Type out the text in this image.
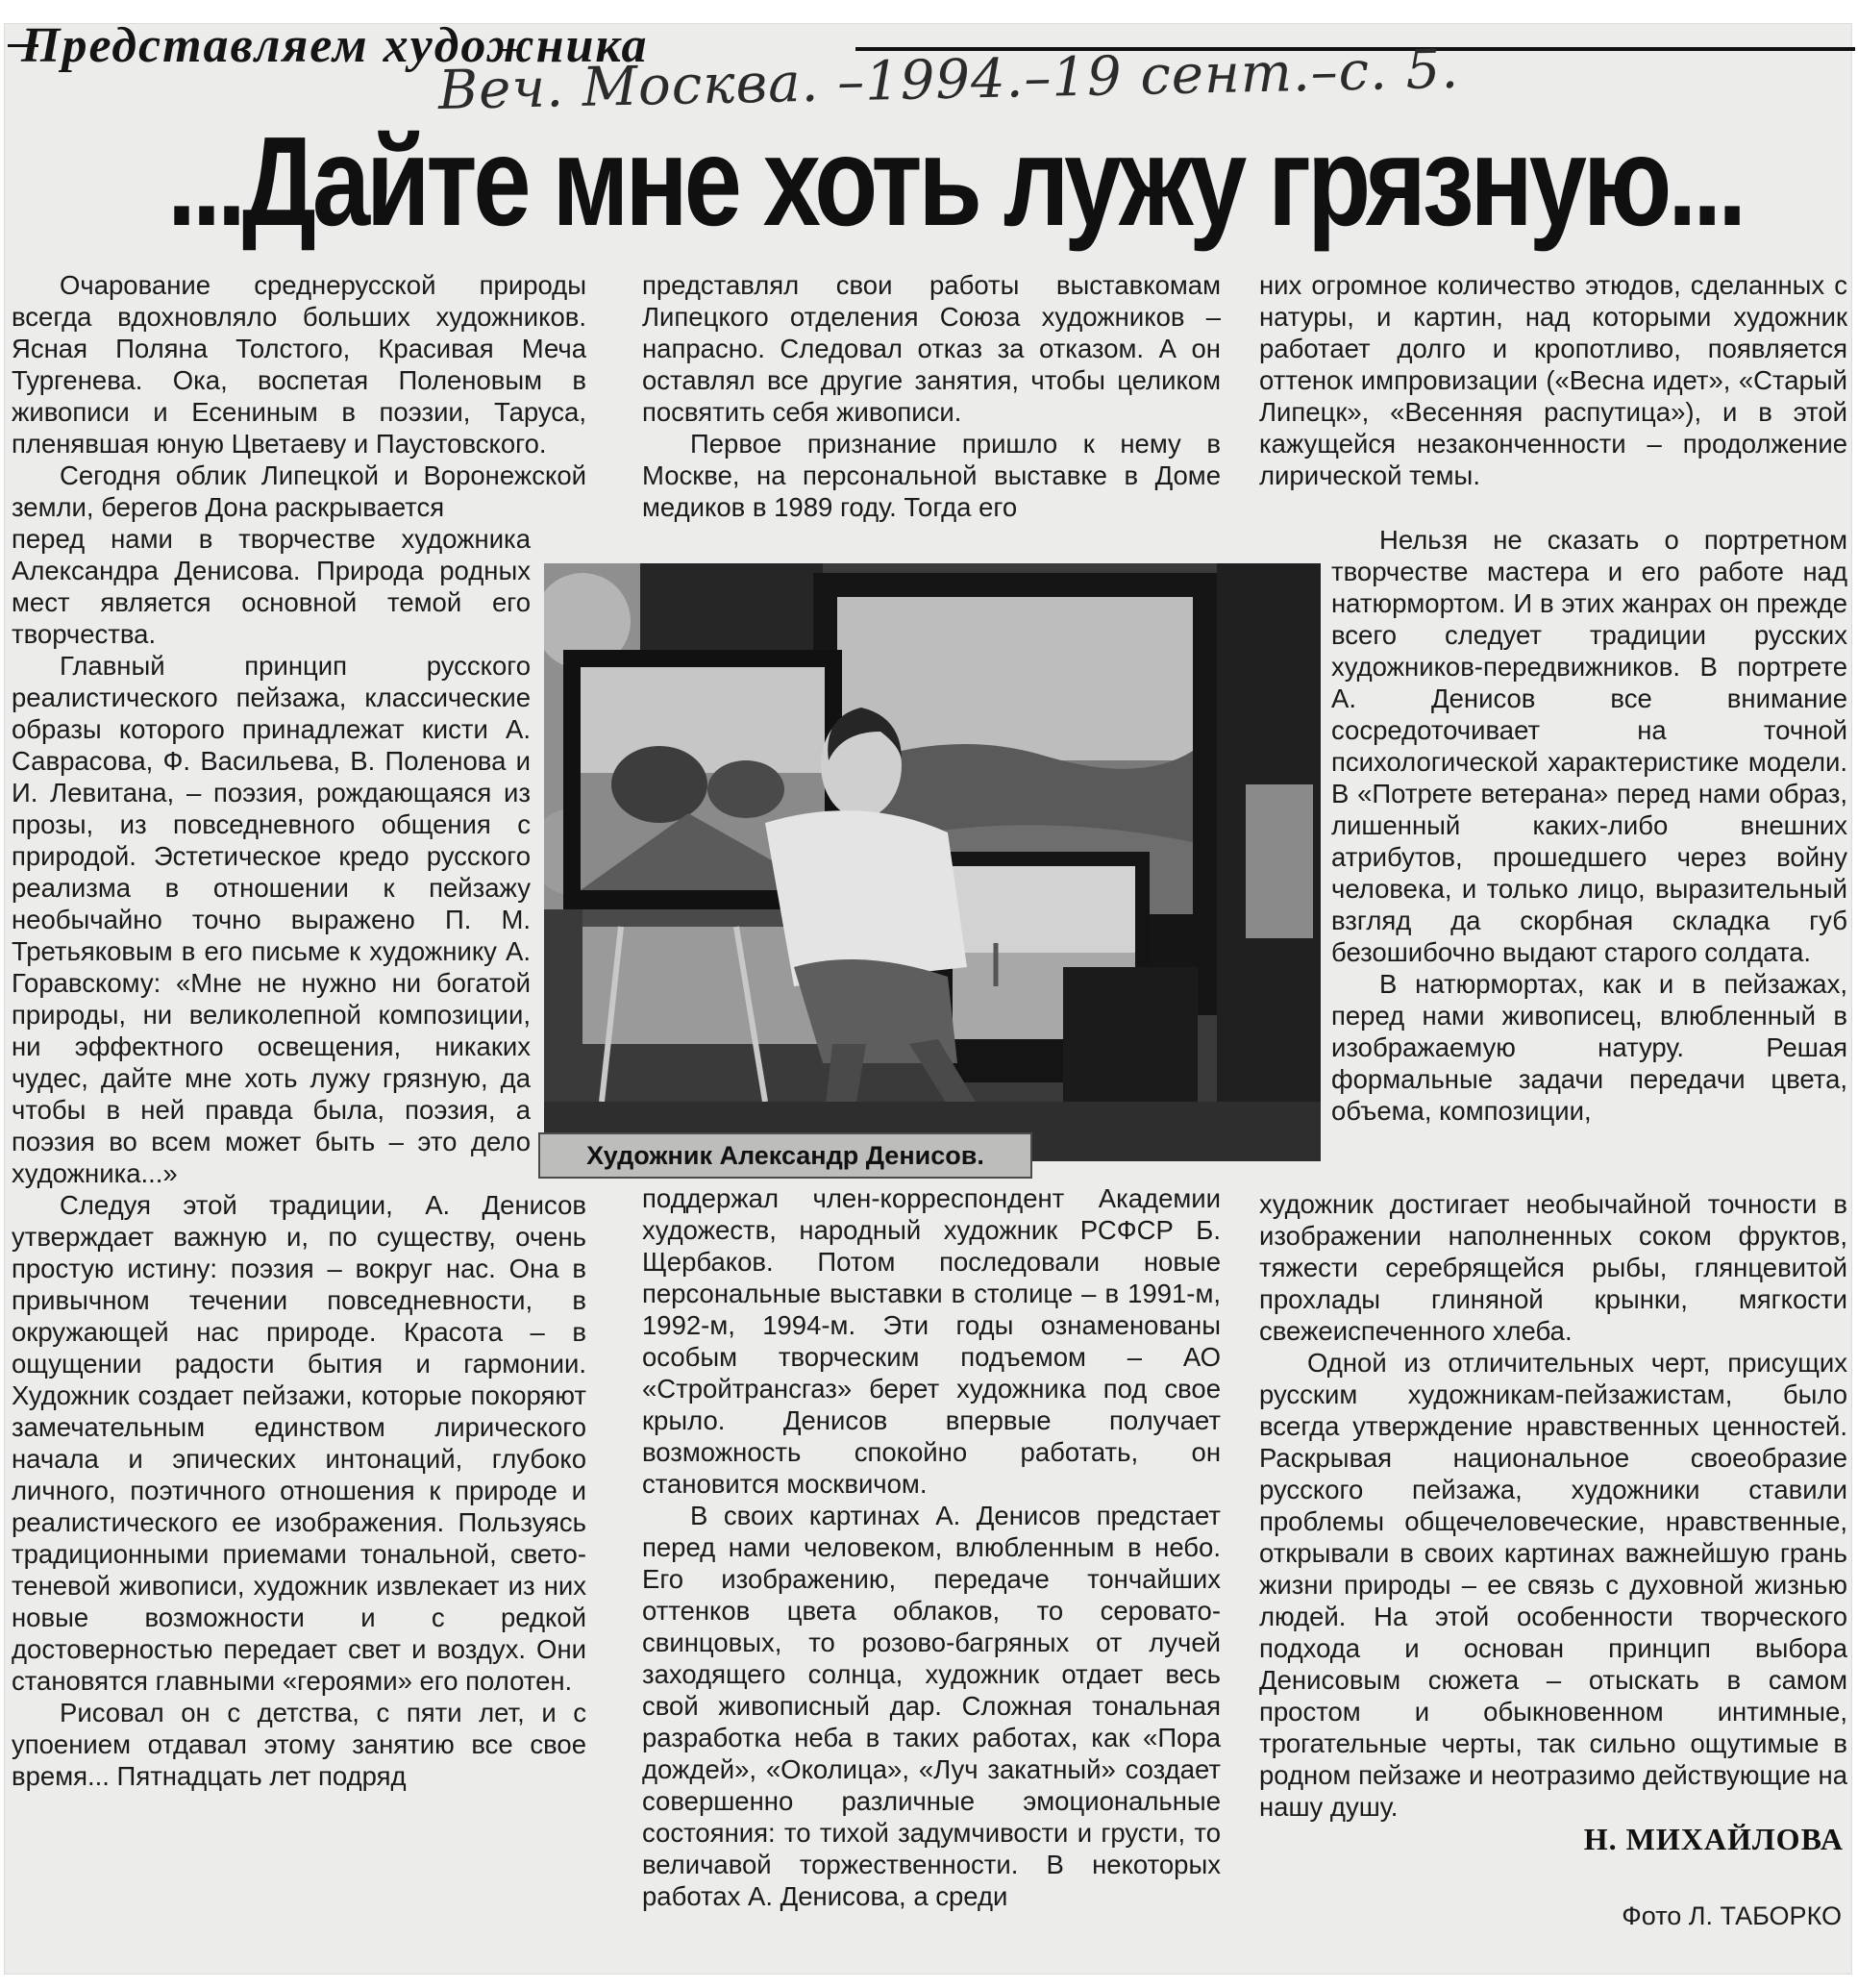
Представляем художника
Веч. Москва. –1994.–19 сент.–с. 5.
...Дайте мне хоть лужу грязную...

Очарование среднерусской природы всегда вдохновляло больших художников. Ясная Поляна Толстого, Красивая Меча Тургенева. Ока, воспетая Поленовым в живописи и Есениным в поэзии, Таруса, пленявшая юную Цветаеву и Паустовского.

Сегодня облик Липецкой и Воронежской земли, берегов Дона раскрывается

перед нами в творчестве художника Александра Денисова. Природа родных мест является основной темой его творчества.

Главный принцип русского реалистического пейзажа, классические образы которого принадлежат кисти А. Саврасова, Ф. Васильева, В. Поленова и И. Левитана, – поэзия, рождающаяся из прозы, из повседневного общения с природой. Эстетическое кредо русского реализма в отношении к пейзажу необычайно точно выражено П. М. Третьяковым в его письме к художнику А. Горавскому: «Мне не нужно ни богатой природы, ни великолепной композиции, ни эффектного освещения, никаких чудес, дайте мне хоть лужу грязную, да чтобы в ней правда была, поэзия, а поэзия во всем может быть – это дело художника...»

Следуя этой традиции, А. Денисов утверждает важную и, по существу, очень простую истину: поэзия – вокруг нас. Она в привычном течении повседневности, в окружающей нас природе. Красота – в ощущении радости бытия и гармонии. Художник создает пейзажи, которые покоряют замечательным единством лирического начала и эпических интонаций, глубоко личного, поэтичного отношения к природе и реалистического ее изображения. Пользуясь традиционными приемами тональной, свето-теневой живописи, художник извлекает из них новые возможности и с редкой достоверностью передает свет и воздух. Они становятся главными «героями» его полотен.

Рисовал он с детства, с пяти лет, и с упоением отдавал этому занятию все свое время... Пятнадцать лет подряд

представлял свои работы выставкомам Липецкого отделения Союза художников – напрасно. Следовал отказ за отказом. А он оставлял все другие занятия, чтобы целиком посвятить себя живописи.

Первое признание пришло к нему в Москве, на персональной выставке в Доме медиков в 1989 году. Тогда его

Художник Александр Денисов.

поддержал член-корреспондент Академии художеств, народный художник РСФСР Б. Щербаков. Потом последовали новые персональные выставки в столице – в 1991-м, 1992-м, 1994-м. Эти годы ознаменованы особым творческим подъемом – АО «Стройтрансгаз» берет художника под свое крыло. Денисов впервые получает возможность спокойно работать, он становится москвичом.

В своих картинах А. Денисов предстает перед нами человеком, влюбленным в небо. Его изображению, передаче тончайших оттенков цвета облаков, то серовато-свинцовых, то розово-багряных от лучей заходящего солнца, художник отдает весь свой живописный дар. Сложная тональная разработка неба в таких работах, как «Пора дождей», «Околица», «Луч закатный» создает совершенно различные эмоциональные состояния: то тихой задумчивости и грусти, то величавой торжественности. В некоторых работах А. Денисова, а среди

них огромное количество этюдов, сделанных с натуры, и картин, над которыми художник работает долго и кропотливо, появляется оттенок импровизации («Весна идет», «Старый Липецк», «Весенняя распутица»), и в этой кажущейся незаконченности – продолжение лирической темы.

Нельзя не сказать о портретном творчестве мастера и его работе над натюрмортом. И в этих жанрах он прежде всего следует традиции русских художников-передвижников. В портрете А. Денисов все внимание сосредоточивает на точной психологической характеристике модели. В «Потрете ветерана» перед нами образ, лишенный каких-либо внешних атрибутов, прошедшего через войну человека, и только лицо, выразительный взгляд да скорбная складка губ безошибочно выдают старого солдата.

В натюрмортах, как и в пейзажах, перед нами живописец, влюбленный в изображаемую натуру. Решая формальные задачи передачи цвета, объема, композиции,

художник достигает необычайной точности в изображении наполненных соком фруктов, тяжести серебрящейся рыбы, глянцевитой прохлады глиняной крынки, мягкости свежеиспеченного хлеба.

Одной из отличительных черт, присущих русским художникам-пейзажистам, было всегда утверждение нравственных ценностей. Раскрывая национальное своеобразие русского пейзажа, художники ставили проблемы общечеловеческие, нравственные, открывали в своих картинах важнейшую грань жизни природы – ее связь с духовной жизнью людей. На этой особенности творческого подхода и основан принцип выбора Денисовым сюжета – отыскать в самом простом и обыкновенном интимные, трогательные черты, так сильно ощутимые в родном пейзаже и неотразимо действующие на нашу душу.

Н. МИХАЙЛОВА
Фото Л. ТАБОРКО
